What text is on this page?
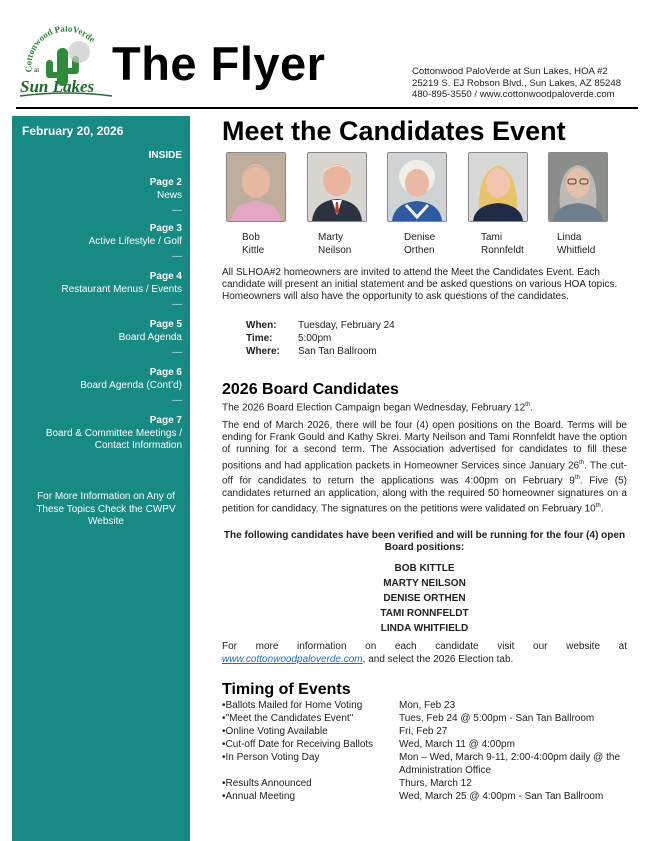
Cottonwood PaloVerde
at
Sun Lakes The Flyer	Cottonwood PaloVerde at Sun Lakes, HOA #2
25219 S. EJ Robson Blvd., Sun Lakes, AZ 85248
480-895-3550 / www.cottonwoodpaloverde.com
February 20, 2026
INSIDE
Page 2
News
—
Page 3
Active Lifestyle / Golf
—
Page 4
Restaurant Menus / Events
—
Page 5
Board Agenda
—
Page 6
Board Agenda (Cont’d)
—
Page 7
Board & Committee Meetings /
Contact Information
For More Information on Any of These Topics Check the CWPV Website
Meet the Candidates Event
Bob
Kittle
Marty
Neilson
Denise
Orthen
Tami
Ronnfeldt
Linda
Whitfield
All SLHOA#2 homeowners are invited to attend the Meet the Candidates Event. Each candidate will present an initial statement and be asked questions on various HOA topics. Homeowners will also have the opportunity to ask questions of the candidates.
When: Tuesday, February 24
Time:	5:00pm
Where: San Tan Ballroom
2026 Board Candidates
The 2026 Board Election Campaign began Wednesday, February 12th.
The end of March 2026, there will be four (4) open positions on the Board. Terms will be ending for Frank Gould and Kathy Skrei. Marty Neilson and Tami Ronnfeldt have the option of running for a second term. The Association advertised for candidates to fill these positions and had application packets in Homeowner Services since January 26th. The cut-off for candidates to return the applications was 4:00pm on February 9th. Five (5) candidates returned an application, along with the required 50 homeowner signatures on a petition for candidacy. The signatures on the petitions were validated on February 10th.
The following candidates have been verified and will be running for the four (4) open Board positions:
BOB KITTLE
MARTY NEILSON
DENISE ORTHEN
TAMI RONNFELDT
LINDA WHITFIELD
For more information on each candidate visit our website at www.cottonwoodpaloverde.com, and select the 2026 Election tab.
Timing of Events
•Ballots Mailed for Home Voting	Mon, Feb 23
•"Meet the Candidates Event"	Tues, Feb 24 @ 5:00pm - San Tan Ballroom
•Online Voting Available	Fri, Feb 27
•Cut-off Date for Receiving Ballots	Wed, March 11 @ 4:00pm
•In Person Voting Day	Mon – Wed, March 9-11, 2:00-4:00pm daily @ the Administration Office
•Results Announced	Thurs, March 12
•Annual Meeting	Wed, March 25 @ 4:00pm - San Tan Ballroom
